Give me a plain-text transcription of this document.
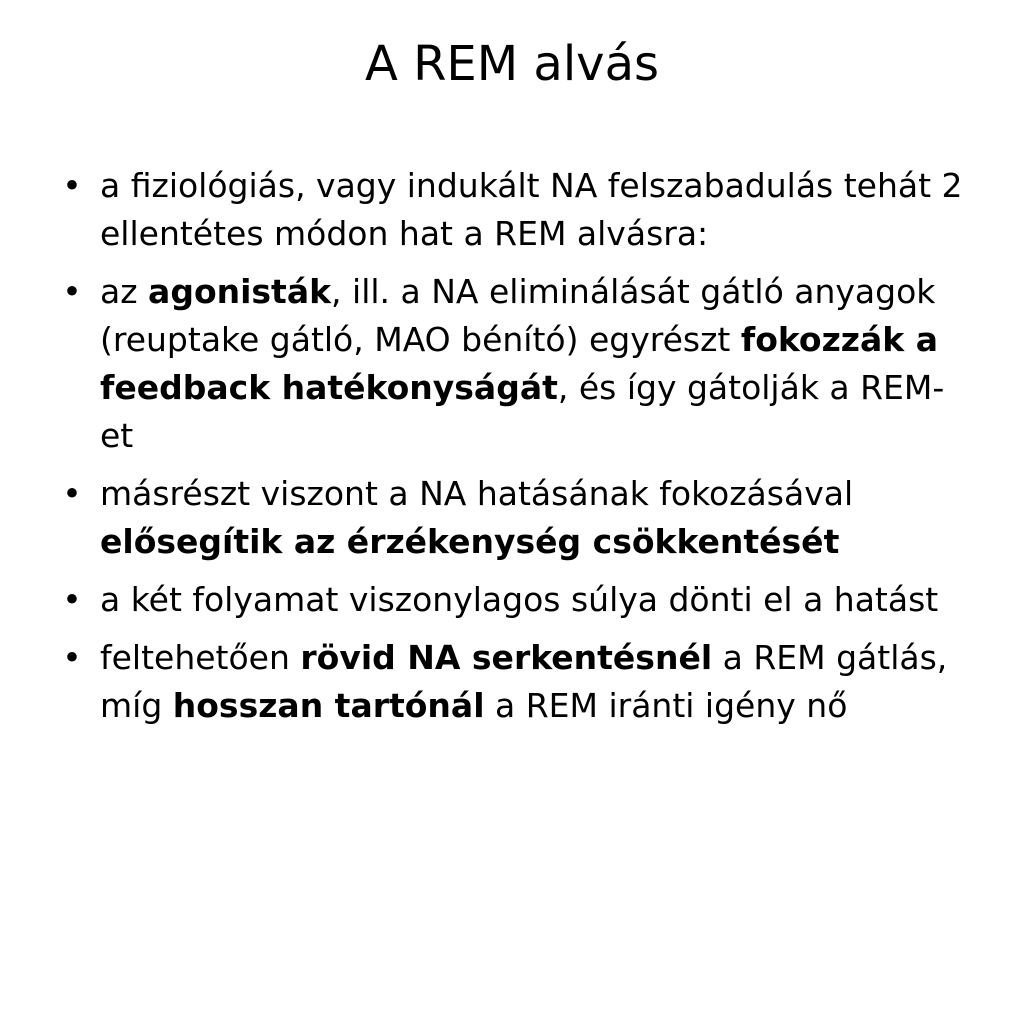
A REM alvás
• a fiziológiás, vagy indukált NA felszabadulás tehát 2 ellentétes módon hat a REM alvásra:
• az agonisták, ill. a NA eliminálását gátló anyagok (reuptake gátló, MAO bénító) egyrészt fokozzák a feedback hatékonyságát, és így gátolják a REM-et
• másrészt viszont a NA hatásának fokozásával elősegítik az érzékenység csökkentését
• a két folyamat viszonylagos súlya dönti el a hatást
• feltehetően rövid NA serkentésnél a REM gátlás, míg hosszan tartónál a REM iránti igény nő
